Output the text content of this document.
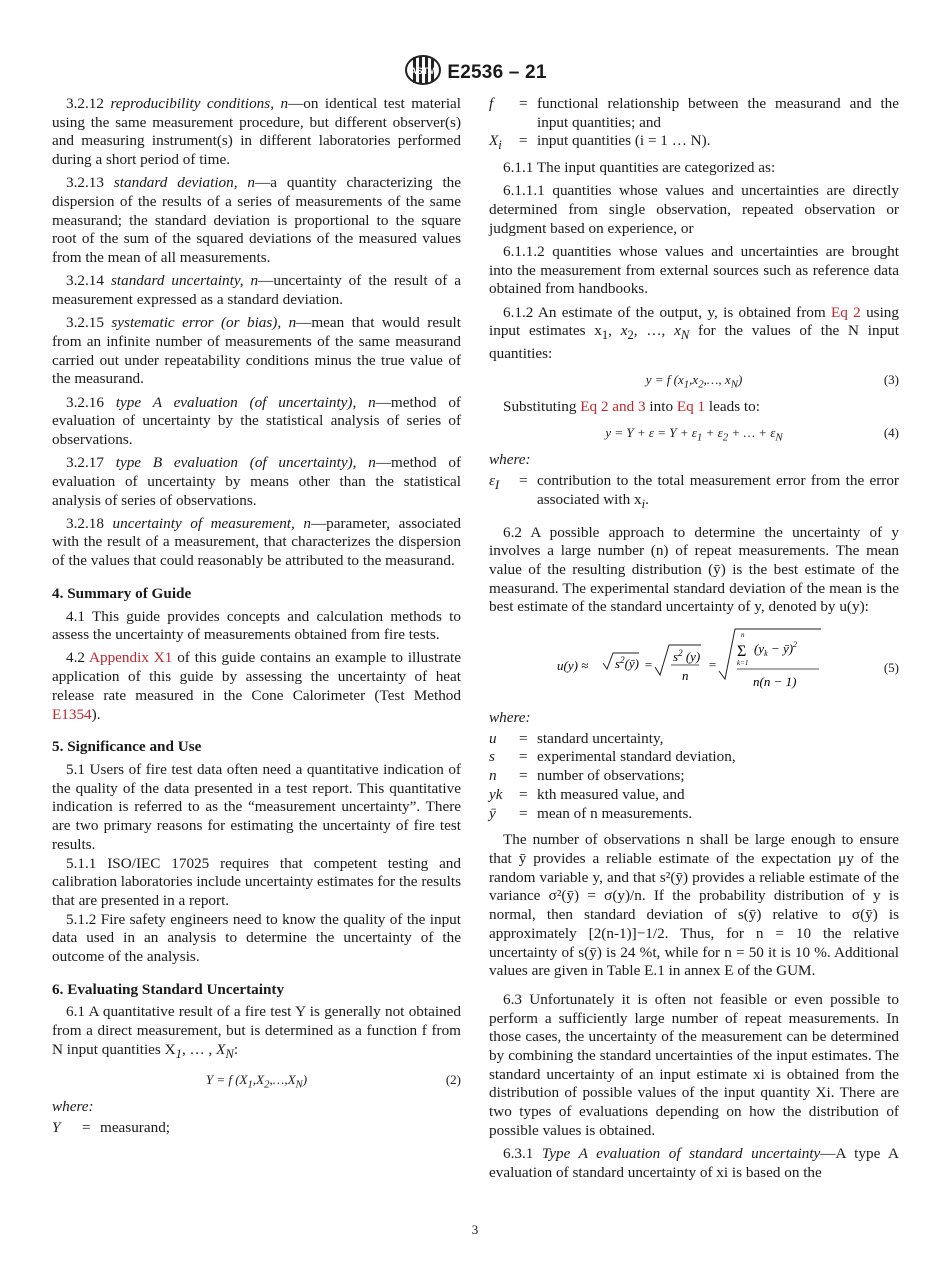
ASTM E2536 – 21

3.2.12 reproducibility conditions, n—on identical test material using the same measurement procedure, but different observer(s) and measuring instrument(s) in different laboratories performed during a short period of time.

3.2.13 standard deviation, n—a quantity characterizing the dispersion of the results of a series of measurements of the same measurand; the standard deviation is proportional to the square root of the sum of the squared deviations of the measured values from the mean of all measurements.

3.2.14 standard uncertainty, n—uncertainty of the result of a measurement expressed as a standard deviation.

3.2.15 systematic error (or bias), n—mean that would result from an infinite number of measurements of the same measurand carried out under repeatability conditions minus the true value of the measurand.

3.2.16 type A evaluation (of uncertainty), n—method of evaluation of uncertainty by the statistical analysis of series of observations.

3.2.17 type B evaluation (of uncertainty), n—method of evaluation of uncertainty by means other than the statistical analysis of series of observations.

3.2.18 uncertainty of measurement, n—parameter, associated with the result of a measurement, that characterizes the dispersion of the values that could reasonably be attributed to the measurand.

4. Summary of Guide

4.1 This guide provides concepts and calculation methods to assess the uncertainty of measurements obtained from fire tests.

4.2 Appendix X1 of this guide contains an example to illustrate application of this guide by assessing the uncertainty of heat release rate measured in the Cone Calorimeter (Test Method E1354).

5. Significance and Use

5.1 Users of fire test data often need a quantitative indication of the quality of the data presented in a test report. This quantitative indication is referred to as the “measurement uncertainty”. There are two primary reasons for estimating the uncertainty of fire test results.

5.1.1 ISO/IEC 17025 requires that competent testing and calibration laboratories include uncertainty estimates for the results that are presented in a report.

5.1.2 Fire safety engineers need to know the quality of the input data used in an analysis to determine the uncertainty of the outcome of the analysis.

6. Evaluating Standard Uncertainty

6.1 A quantitative result of a fire test Y is generally not obtained from a direct measurement, but is determined as a function f from N input quantities $X_1$, … , $X_N$:

Y = f $(X_1,X_2,\dots,X_N)$	(2)
where:
Y	= measurand;
f	= functional relationship between the measurand and the input quantities; and
$X_i$	= input quantities (i = 1 … N).

6.1.1 The input quantities are categorized as:

6.1.1.1 quantities whose values and uncertainties are directly determined from single observation, repeated observation or judgment based on experience, or

6.1.1.2 quantities whose values and uncertainties are brought into the measurement from external sources such as reference data obtained from handbooks.

6.1.2 An estimate of the output, y, is obtained from Eq 2 using input estimates $x_1$, $x_2$, …, $x_N$ for the values of the N input quantities:

y = f ($x_1,x_2,\dots$, $x_N$)	(3)

Substituting Eq 2 and 3 into Eq 1 leads to:

$y = Y + \varepsilon = Y + \varepsilon_1 + \varepsilon_2$ + … + $\varepsilon_N$	(4)
where:
$\varepsilon_I$	= contribution to the total measurement error from the error associated with $x_i$.

6.2 A possible approach to determine the uncertainty of y involves a large number (n) of repeat measurements. The mean value of the resulting distribution (ȳ) is the best estimate of the measurand. The experimental standard deviation of the mean is the best estimate of the standard uncertainty of y, denoted by u(y):

$u(y) \approx s^2(ȳ)$ =
$s^2$ (y)
n
=
n
Σ
k=1
($y_k$ − ȳ)$^2$
n(n − 1)
(5)
where:
u	= standard uncertainty,
s	= experimental standard deviation,
n	= number of observations;
yk	= kth measured value, and
ȳ	= mean of n measurements.

The number of observations n shall be large enough to ensure that ȳ provides a reliable estimate of the expectation μy of the random variable y, and that s²(ȳ) provides a reliable estimate of the variance σ²(ȳ) = σ(y)/n. If the probability distribution of y is normal, then standard deviation of s(ȳ) relative to σ(ȳ) is approximately [2(n-1)]−1/2. Thus, for n = 10 the relative uncertainty of s(ȳ) is 24 %t, while for n = 50 it is 10 %. Additional values are given in Table E.1 in annex E of the GUM.

6.3 Unfortunately it is often not feasible or even possible to perform a sufficiently large number of repeat measurements. In those cases, the uncertainty of the measurement can be determined by combining the standard uncertainties of the input estimates. The standard uncertainty of an input estimate xi is obtained from the distribution of possible values of the input quantity Xi. There are two types of evaluations depending on how the distribution of possible values is obtained.

6.3.1 Type A evaluation of standard uncertainty—A type A evaluation of standard uncertainty of xi is based on the

3
